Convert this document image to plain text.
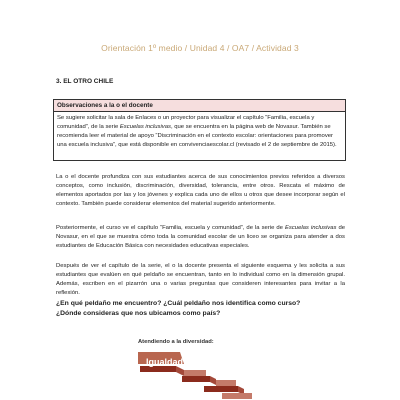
Orientación 1º medio / Unidad 4 / OA7 / Actividad 3
3. EL OTRO CHILE
Observaciones a la o el docente
Se sugiere solicitar la sala de Enlaces o un proyector para visualizar el capítulo “Familia, escuela y comunidad”, de la serie Escuelas inclusivas, que se encuentra en la página web de Novasur. También se recomienda leer el material de apoyo “Discriminación en el contexto escolar: orientaciones para promover una escuela inclusiva”, que está disponible en convivenciaescolar.cl (revisado el 2 de septiembre de 2015).
La o el docente profundiza con sus estudiantes acerca de sus conocimientos previos referidos a diversos conceptos, como inclusión, discriminación, diversidad, tolerancia, entre otros. Rescata el máximo de elementos aportados por las y los jóvenes y explica cada uno de ellos u otros que desee incorporar según el contexto. También puede considerar elementos del material sugerido anteriormente.
Posteriormente, el curso ve el capítulo “Familia, escuela y comunidad”, de la serie de Escuelas inclusivas de Novasur, en el que se muestra cómo toda la comunidad escolar de un liceo se organiza para atender a dos estudiantes de Educación Básica con necesidades educativas especiales.
Después de ver el capítulo de la serie, el o la docente presenta el siguiente esquema y les solicita a sus estudiantes que evalúen en qué peldaño se encuentran, tanto en lo individual como en la dimensión grupal. Además, escriben en el pizarrón una o varias preguntas que consideren interesantes para invitar a la reflexión.
¿En qué peldaño me encuentro? ¿Cuál peldaño nos identifica como curso?
¿Dónde consideras que nos ubicamos como país?
Atendiendo a la diversidad:
Igualdad
